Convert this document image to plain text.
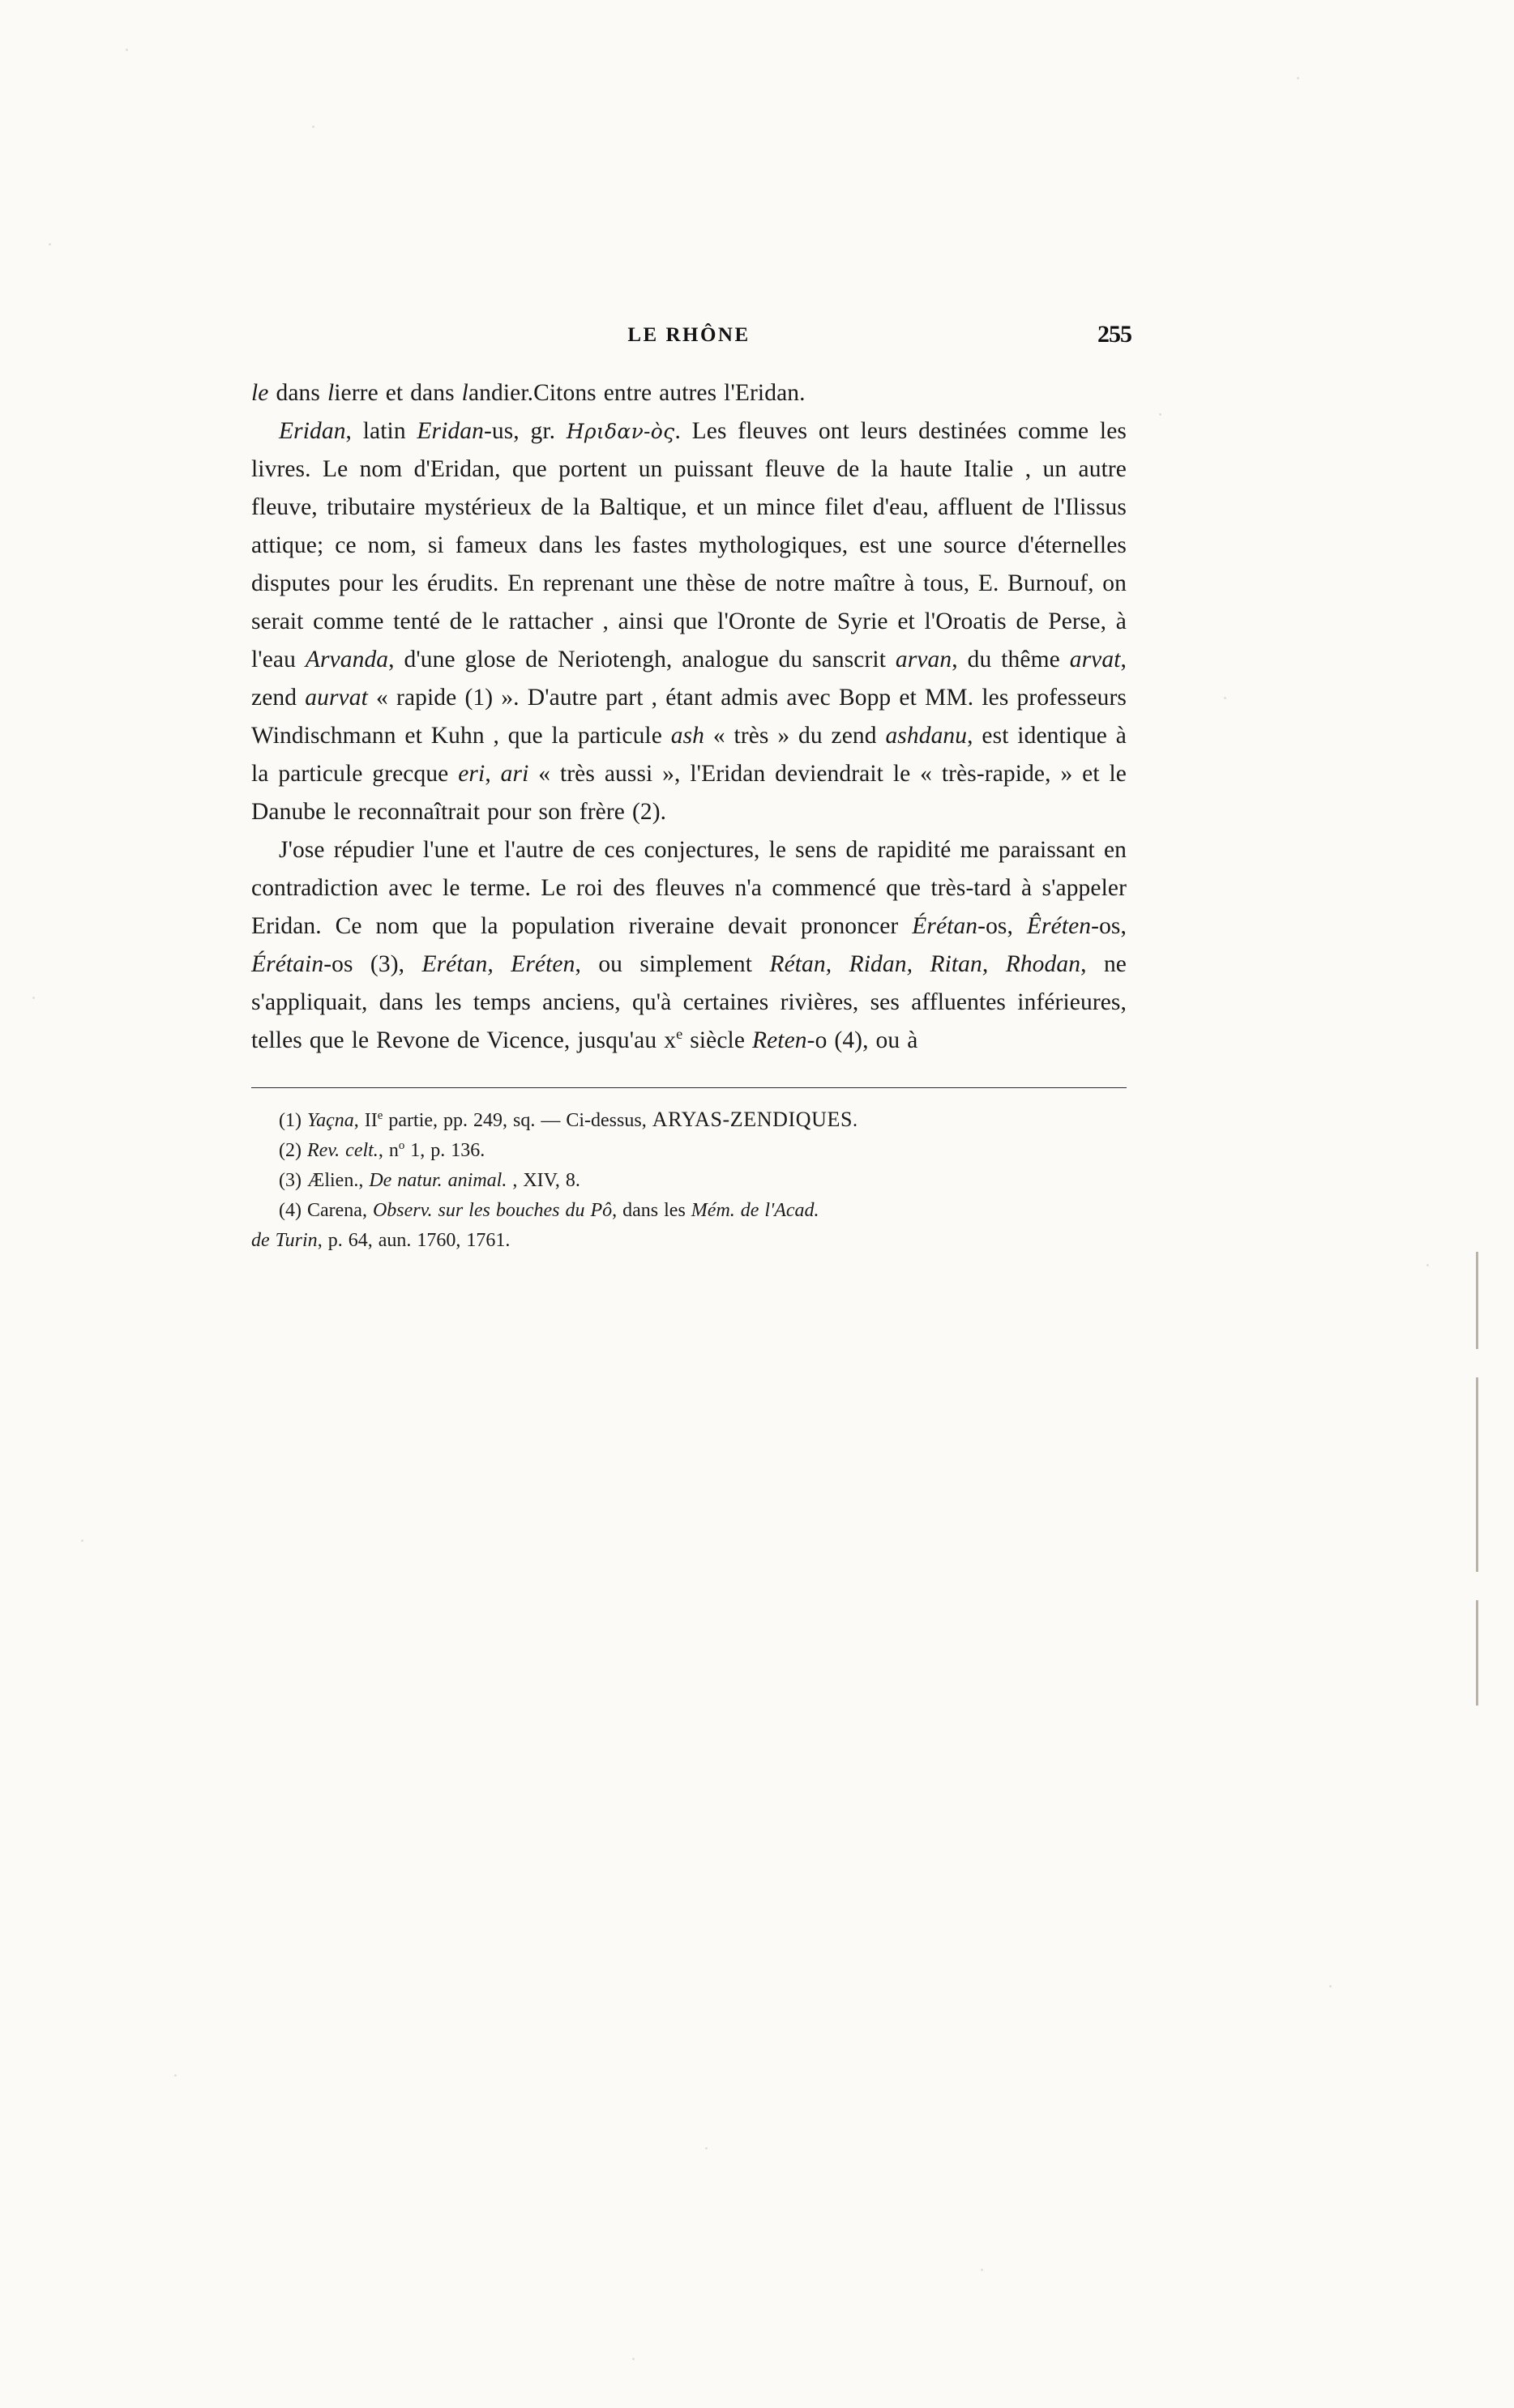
LE RHÔNE	255

le dans lierre et dans landier.Citons entre autres l'Eridan.

Eridan, latin Eridan-us, gr. Ηριδαν-ὸς. Les fleuves ont leurs destinées comme les livres. Le nom d'Eridan, que portent un puissant fleuve de la haute Italie , un autre fleuve, tributaire mystérieux de la Baltique, et un mince filet d'eau, affluent de l'Ilissus attique; ce nom, si fameux dans les fastes mythologiques, est une source d'éternelles disputes pour les érudits. En reprenant une thèse de notre maître à tous, E. Burnouf, on serait comme tenté de le rattacher , ainsi que l'Oronte de Syrie et l'Oroatis de Perse, à l'eau Arvanda, d'une glose de Neriotengh, analogue du sanscrit arvan, du thême arvat, zend aurvat « rapide (1) ». D'autre part , étant admis avec Bopp et MM. les professeurs Windischmann et Kuhn , que la particule ash « très » du zend ashdanu, est identique à la particule grecque eri, ari « très aussi », l'Eridan deviendrait le « très-rapide, » et le Danube le reconnaîtrait pour son frère (2).

J'ose répudier l'une et l'autre de ces conjectures, le sens de rapidité me paraissant en contradiction avec le terme. Le roi des fleuves n'a commencé que très-tard à s'appeler Eridan. Ce nom que la population riveraine devait prononcer Érétan-os, Êréten-os, Érétain-os (3), Erétan, Eréten, ou simplement Rétan, Ridan, Ritan, Rhodan, ne s'appliquait, dans les temps anciens, qu'à certaines rivières, ses affluentes inférieures, telles que le Revone de Vicence, jusqu'au $x^e$ siècle Reten-o (4), ou à

(1) Yaçna, IIe partie, pp. 249, sq. — Ci-dessus, ARYAS-ZENDIQUES.

(2) Rev. celt., $n^o$ 1, p. 136.

(3) Ælien., De natur. animal. , XIV, 8.

(4) Carena, Observ. sur les bouches du Pô, dans les Mém. de l'Acad.

de Turin, p. 64, aun. 1760, 1761.
